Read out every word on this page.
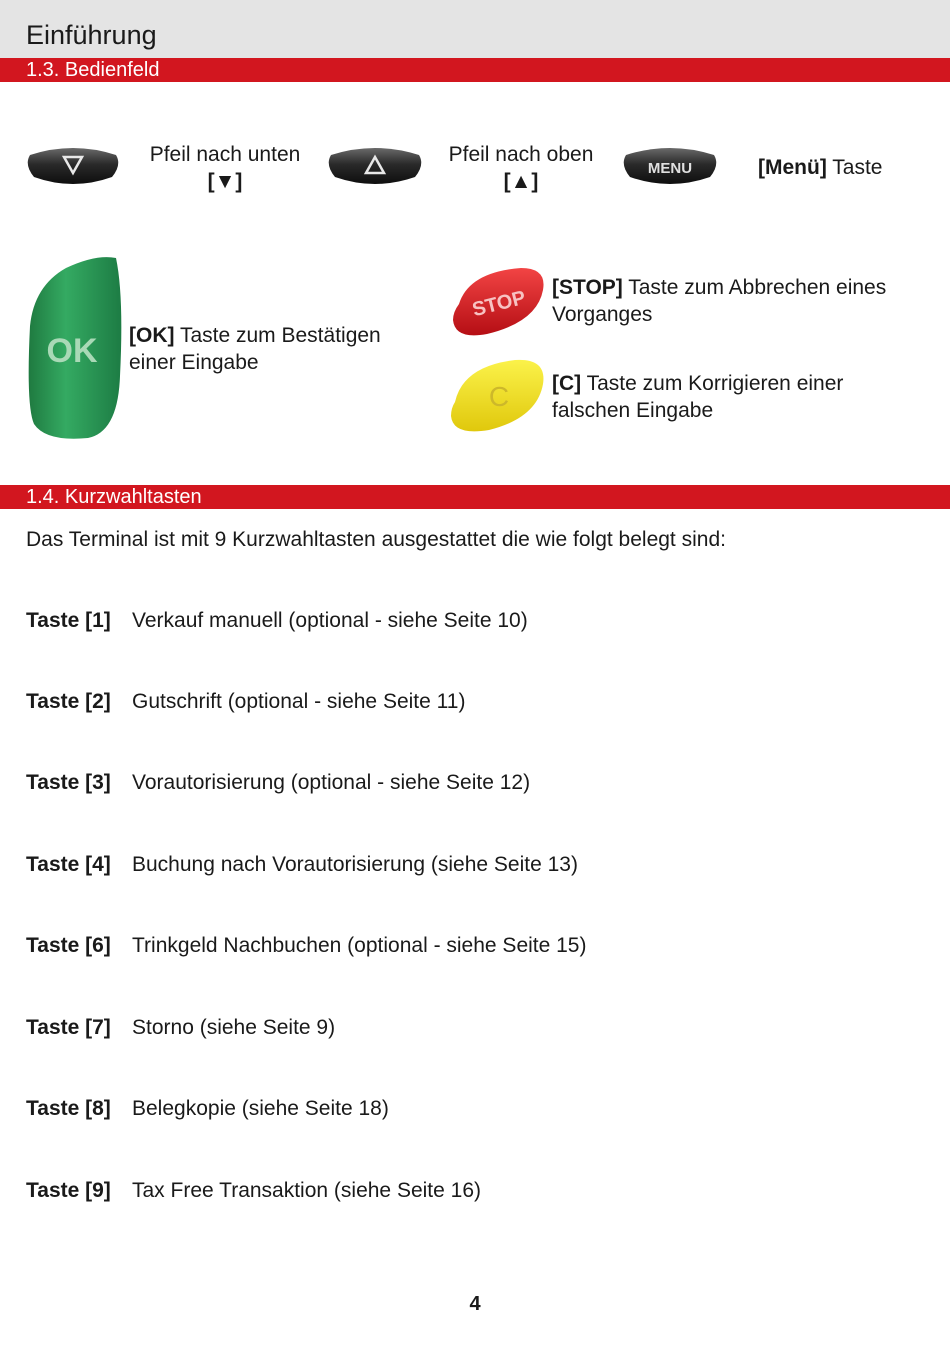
Einführung
1.3. Bedienfeld
Pfeil nach unten
[▼]
Pfeil nach oben
[▲]
MENU	[Menü] Taste
OK [OK] Taste zum Bestätigen
einer Eingabe
STOP [STOP] Taste zum Abbrechen eines
Vorganges
C [C] Taste zum Korrigieren einer
falschen Eingabe
1.4. Kurzwahltasten
Das Terminal ist mit 9 Kurzwahltasten ausgestattet die wie folgt belegt sind:
Taste [1] Verkauf manuell (optional - siehe Seite 10)
Taste [2] Gutschrift (optional - siehe Seite 11)
Taste [3] Vorautorisierung (optional - siehe Seite 12)
Taste [4] Buchung nach Vorautorisierung (siehe Seite 13)
Taste [6] Trinkgeld Nachbuchen (optional - siehe Seite 15)
Taste [7] Storno (siehe Seite 9)
Taste [8] Belegkopie (siehe Seite 18)
Taste [9] Tax Free Transaktion (siehe Seite 16)
4
